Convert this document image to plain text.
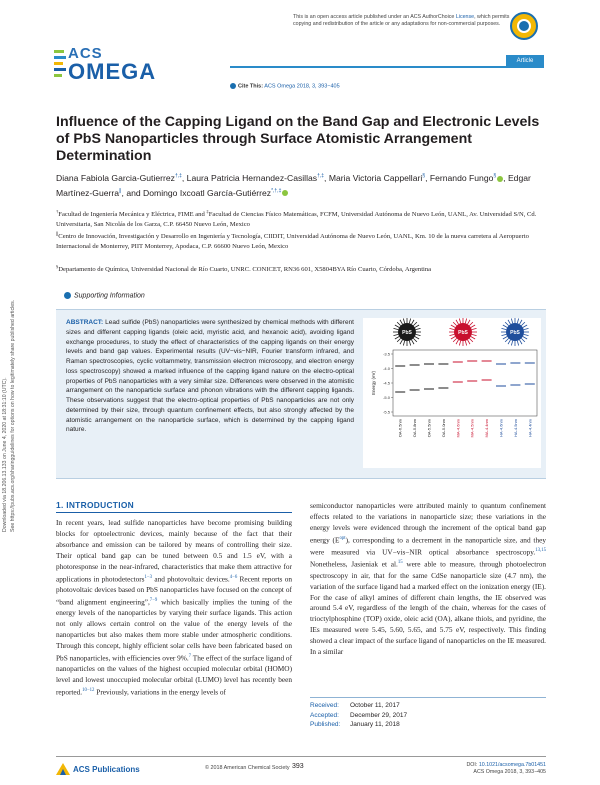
Downloaded via 18.206.13.133 on June 4, 2020 at 18:31:10 (UTC). See https://pubs.acs.org/sharingguidelines for options on how to legitimately share published articles.
This is an open access article published under an ACS AuthorChoice License, which permits copying and redistribution of the article or any adaptations for non-commercial purposes.
ACS
OMEGA	Article
Cite This: ACS Omega 2018, 3, 393−405
Influence of the Capping Ligand on the Band Gap and Electronic Levels of PbS Nanoparticles through Surface Atomistic Arrangement Determination
Diana Fabiola Garcia-Gutierrez†,‡, Laura Patricia Hernandez-Casillas†,‡, Maria Victoria Cappellari§, Fernando Fungo§ , Edgar Martínez-Guerra∥, and Domingo Ixcoatl García-Gutiérrez*,†,‡
†Facultad de Ingeniería Mecánica y Eléctrica, FIME and ‡Facultad de Ciencias Físico Matemáticas, FCFM, Universidad Autónoma de Nuevo León, UANL, Av. Universidad S/N, Cd. Universitaria, San Nicolás de los Garza, C.P. 66450 Nuevo León, Mexico
∥Centro de Innovación, Investigación y Desarrollo en Ingeniería y Tecnología, CIIDIT, Universidad Autónoma de Nuevo León, UANL, Km. 10 de la nueva carretera al Aeropuerto Internacional de Monterrey, PIIT Monterrey, Apodaca, C.P. 66600 Nuevo León, Mexico
§Departamento de Química, Universidad Nacional de Río Cuarto, UNRC. CONICET, RN36 601, X5804BYA Río Cuarto, Córdoba, Argentina
Supporting Information

ABSTRACT: Lead sulfide (PbS) nanoparticles were synthesized by chemical methods with different sizes and different capping ligands (oleic acid, myristic acid, and hexanoic acid), avoiding ligand exchange procedures, to study the effect of characteristics of the capping ligands on their energy levels and band gap values. Experimental results (UV−vis−NIR, Fourier transform infrared, and Raman spectroscopies, cyclic voltammetry, transmission electron microscopy, and electron energy loss spectroscopy) showed a marked influence of the capping ligand nature on the electro-optical properties of PbS nanoparticles with a very similar size. Differences were observed in the atomistic arrangement on the nanoparticle surface and phonon vibrations with the different capping ligands. These observations suggest that the electro-optical properties of PbS nanoparticles are not only determined by their size, through quantum confinement effects, but also strongly affected by the atomistic arrangement on the nanoparticle surface, which is determined by the capping ligand nature.

PbS	PbS	PbS
-3.5
-4.0
-4.5
-5.0
-5.5
Energy (eV)
OA-6.5nm OA-5.8nm OA-5.5nm OA-5.0nm MA-4.6nm MA-4.5nm MA-4.4nm HA-4.6nm HA-4.5nm HA-4.4nm
1. INTRODUCTION

In recent years, lead sulfide nanoparticles have become promising building blocks for optoelectronic devices, mainly because of the fact that their absorbance and emission can be tailored by means of controlling their size. Their optical band gap can be tuned between 0.5 and 1.5 eV, with a photoresponse in the near-infrared, characteristics that make them attractive for applications in photodetectors$^{1-3}$ and photovoltaic devices.$^{4-6}$ Recent reports on photovoltaic devices based on PbS nanoparticles have focused on the concept of “band alignment engineering”,$^{7-9}$ which basically implies the tuning of the energy levels of the nanoparticles by varying their surface ligands. This action not only allows certain control on the value of the energy levels of the nanoparticles but also makes them more stable under atmospheric conditions. Through this concept, highly efficient solar cells have been fabricated based on PbS nanoparticles, with efficiencies over 9%.$^7$ The effect of the surface ligand of nanoparticles on the values of the highest occupied molecular orbital (HOMO) level and lowest unoccupied molecular orbital (LUMO) level has recently been reported.$^{10-12}$ Previously, variations in the energy levels of

semiconductor nanoparticles were attributed mainly to quantum confinement effects related to the variations in nanoparticle size; these variations in the energy levels were evidenced through the increment of the optical band gap energy $(E^{opt})$, corresponding to a decrement in the nanoparticle size, and they were measured via UV−vis−NIR optical absorbance spectroscopy.$^{13,15}$ Nonetheless, Jasieniak et al.$^{15}$ were able to measure, through photoelectron spectroscopy in air, that for the same CdSe nanoparticle size (4.7 nm), the variation of the surface ligand had a marked effect on the ionization energy (IE). For the case of alkyl amines of different chain lengths, the IE observed was around 5.4 eV, regardless of the length of the chain, whereas for the cases of trioctylphosphine (TOP) oxide, oleic acid (OA), alkane thiols, and pyridine, the IEs measured were 5.45, 5.60, 5.65, and 5.75 eV, respectively. This finding showed a clear impact of the surface ligand of nanoparticles on the IE measured. In a similar

Received: October 11, 2017
Accepted: December 29, 2017
Published: January 11, 2018
ACS Publications	© 2018 American Chemical Society 393	DOI: 10.1021/acsomega.7b01451
ACS Omega 2018, 3, 393−405
